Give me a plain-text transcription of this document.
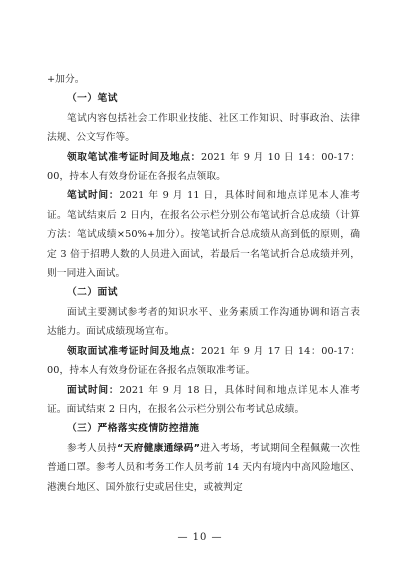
+加分。

（一）笔试

笔试内容包括社会工作职业技能、社区工作知识、时事政治、法律法规、公文写作等。

领取笔试准考证时间及地点：2021 年 9 月 10 日 14：00-17：00，持本人有效身份证在各报名点领取。

笔试时间：2021 年 9 月 11 日，具体时间和地点详见本人准考证。笔试结束后 2 日内，在报名公示栏分别公布笔试折合总成绩（计算方法：笔试成绩×50%+加分）。按笔试折合总成绩从高到低的原则，确定 3 倍于招聘人数的人员进入面试，若最后一名笔试折合总成绩并列，则一同进入面试。

（二）面试

面试主要测试参考者的知识水平、业务素质工作沟通协调和语言表达能力。面试成绩现场宣布。

领取面试准考证时间及地点：2021 年 9 月 17 日 14：00-17：00，持本人有效身份证在各报名点领取准考证。

面试时间：2021 年 9 月 18 日，具体时间和地点详见本人准考证。面试结束 2 日内，在报名公示栏分别公布考试总成绩。

（三）严格落实疫情防控措施

参考人员持“天府健康通绿码”进入考场，考试期间全程佩戴一次性普通口罩。参考人员和考务工作人员考前 14 天内有境内中高风险地区、港澳台地区、国外旅行史或居住史，或被判定

— 10 —
